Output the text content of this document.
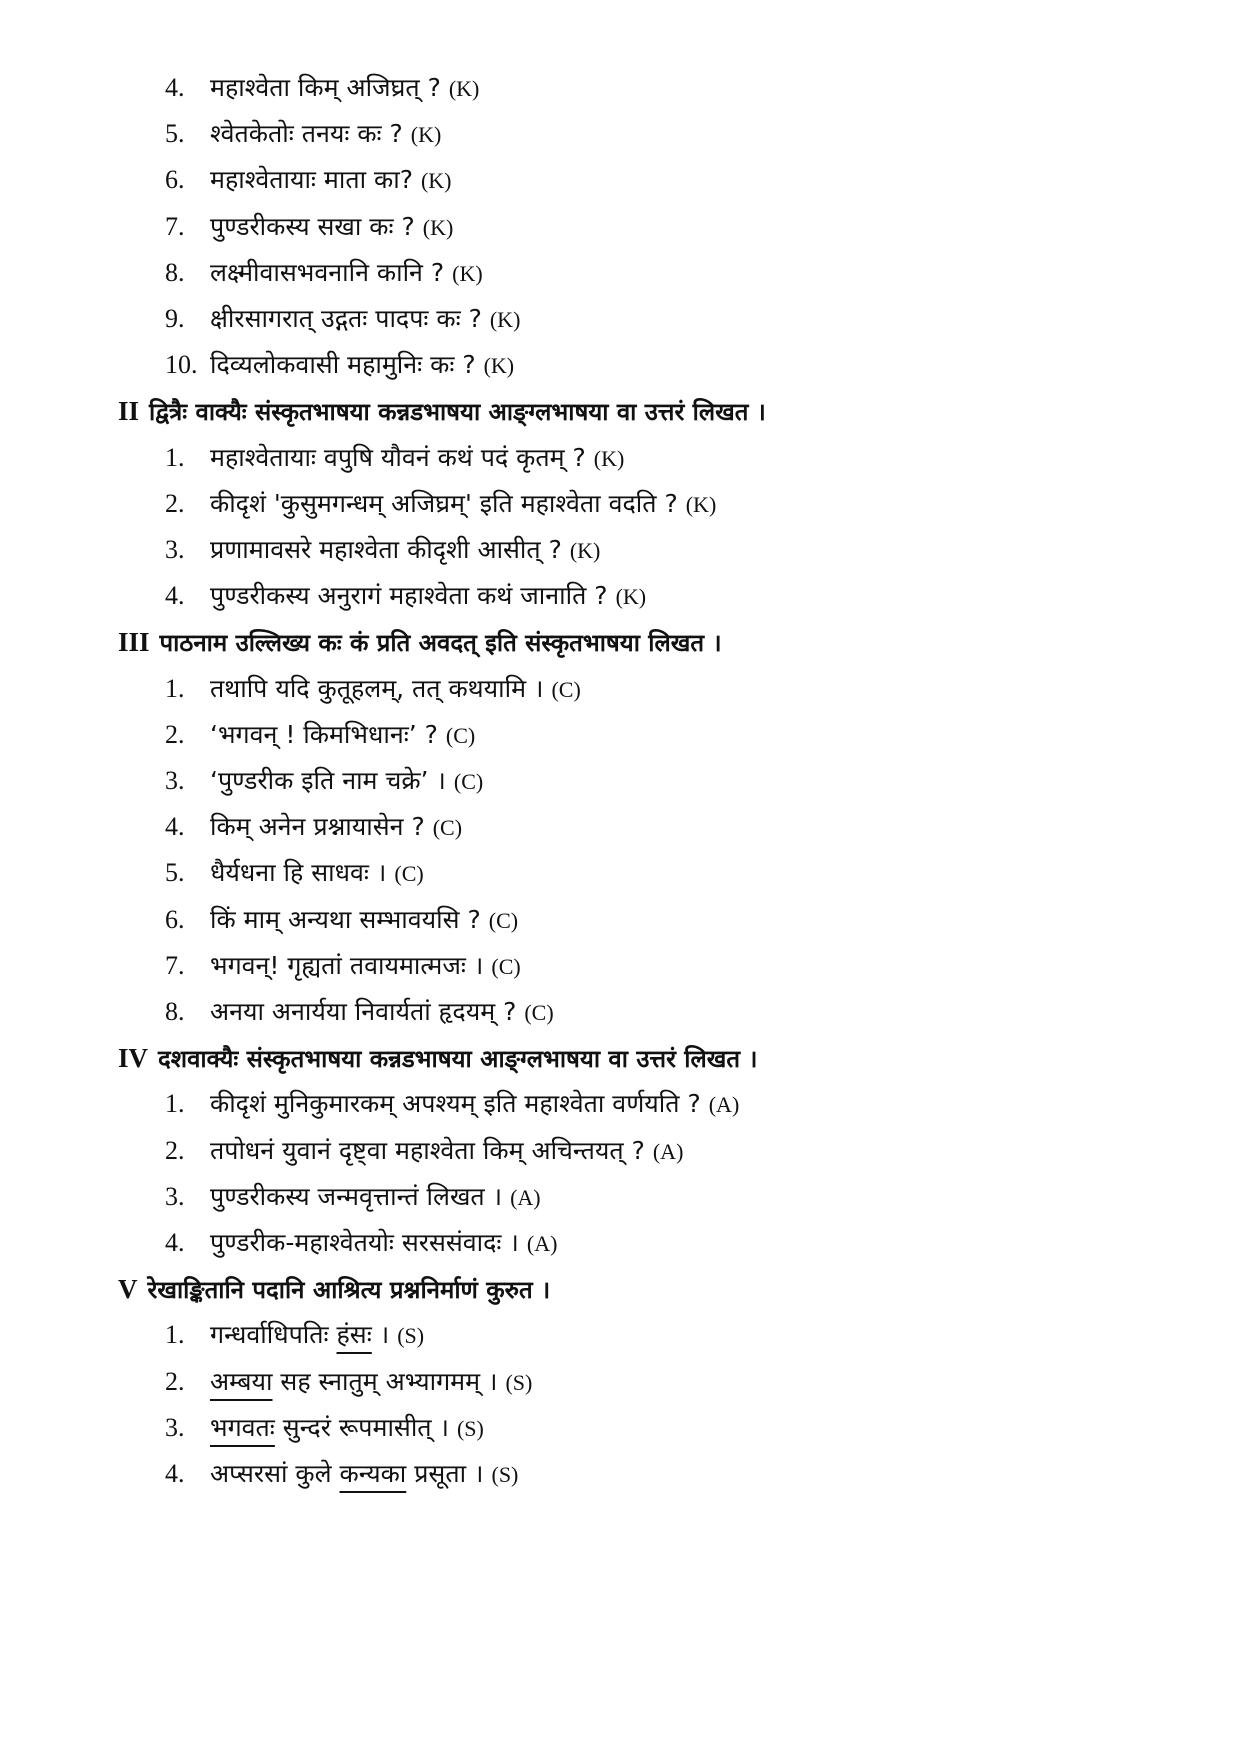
4. महाश्वेता किम् अजिघ्रत् ? (K)
5. श्वेतकेतोः तनयः कः ? (K)
6. महाश्वेतायाः माता का? (K)
7. पुण्डरीकस्य सखा कः ? (K)
8. लक्ष्मीवासभवनानि कानि ? (K)
9. क्षीरसागरात् उद्गतः पादपः कः ? (K)
10. दिव्यलोकवासी महामुनिः कः ? (K)
II द्वित्रैः वाक्यैः संस्कृतभाषया कन्नडभाषया आङ्ग्लभाषया वा उत्तरं लिखत ।
1. महाश्वेतायाः वपुषि यौवनं कथं पदं कृतम् ? (K)
2. कीदृशं 'कुसुमगन्धम् अजिघ्रम्' इति महाश्वेता वदति ? (K)
3. प्रणामावसरे महाश्वेता कीदृशी आसीत् ? (K)
4. पुण्डरीकस्य अनुरागं महाश्वेता कथं जानाति ? (K)
III पाठनाम उल्लिख्य कः कं प्रति अवदत् इति संस्कृतभाषया लिखत ।
1. तथापि यदि कुतूहलम्, तत् कथयामि । (C)
2. ‘भगवन् ! किमभिधानः’ ? (C)
3. ‘पुण्डरीक इति नाम चक्रे’ । (C)
4. किम् अनेन प्रश्नायासेन ? (C)
5. धैर्यधना हि साधवः । (C)
6. किं माम् अन्यथा सम्भावयसि ? (C)
7. भगवन्! गृह्यतां तवायमात्मजः । (C)
8. अनया अनार्यया निवार्यतां हृदयम् ? (C)
IV दशवाक्यैः संस्कृतभाषया कन्नडभाषया आङ्ग्लभाषया वा उत्तरं लिखत ।
1. कीदृशं मुनिकुमारकम् अपश्यम् इति महाश्वेता वर्णयति ? (A)
2. तपोधनं युवानं दृष्ट्वा महाश्वेता किम् अचिन्तयत् ? (A)
3. पुण्डरीकस्य जन्मवृत्तान्तं लिखत । (A)
4. पुण्डरीक-महाश्वेतयोः सरससंवादः । (A)
V रेखाङ्कितानि पदानि आश्रित्य प्रश्ननिर्माणं कुरुत ।
1. गन्धर्वाधिपतिः हंसः । (S)
2. अम्बया सह स्नातुम् अभ्यागमम् । (S)
3. भगवतः सुन्दरं रूपमासीत् । (S)
4. अप्सरसां कुले कन्यका प्रसूता । (S)
